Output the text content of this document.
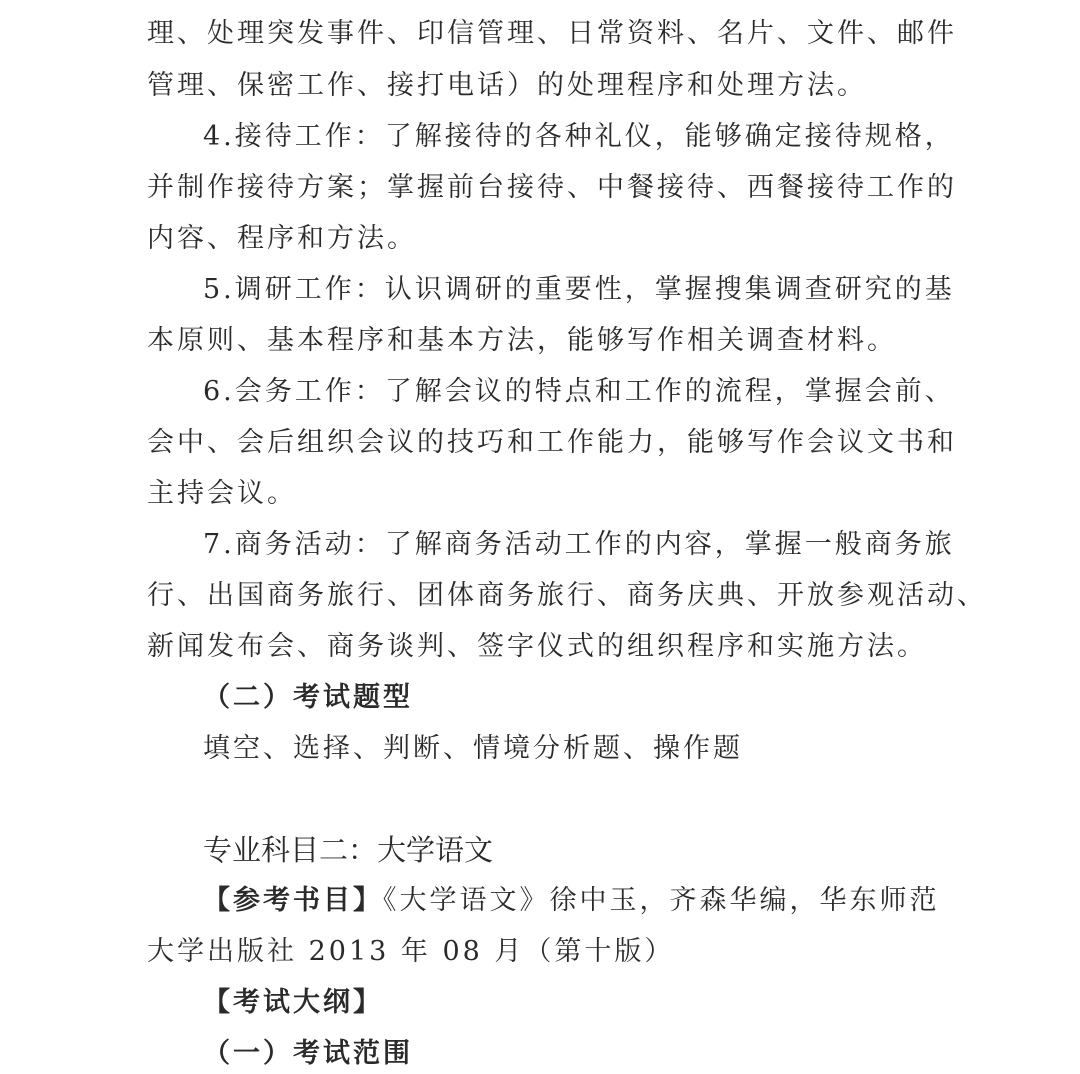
理、处理突发事件、印信管理、日常资料、名片、文件、邮件
管理、保密工作、接打电话）的处理程序和处理方法。
4.接待工作：了解接待的各种礼仪，能够确定接待规格，
并制作接待方案；掌握前台接待、中餐接待、西餐接待工作的
内容、程序和方法。
5.调研工作：认识调研的重要性，掌握搜集调查研究的基
本原则、基本程序和基本方法，能够写作相关调查材料。
6.会务工作：了解会议的特点和工作的流程，掌握会前、
会中、会后组织会议的技巧和工作能力，能够写作会议文书和
主持会议。
7.商务活动：了解商务活动工作的内容，掌握一般商务旅
行、出国商务旅行、团体商务旅行、商务庆典、开放参观活动、
新闻发布会、商务谈判、签字仪式的组织程序和实施方法。
（二）考试题型
填空、选择、判断、情境分析题、操作题
专业科目二：大学语文
【参考书目】《大学语文》徐中玉，齐森华编，华东师范
大学出版社 2013 年 08 月（第十版）
【考试大纲】
（一）考试范围
